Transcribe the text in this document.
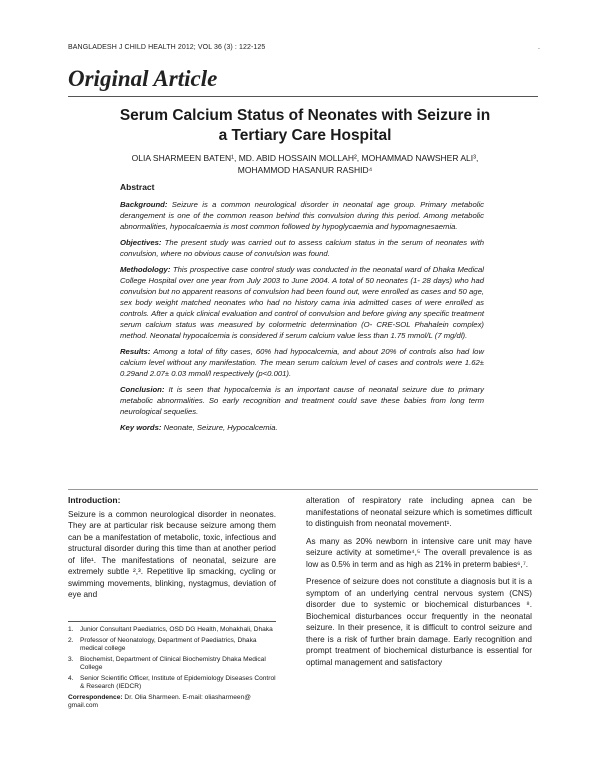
BANGLADESH J CHILD HEALTH 2012; VOL 36 (3) : 122-125	.
Original Article
Serum Calcium Status of Neonates with Seizure in
a Tertiary Care Hospital
OLIA SHARMEEN BATEN¹, MD. ABID HOSSAIN MOLLAH², MOHAMMAD NAWSHER ALI³,
MOHAMMOD HASANUR RASHID⁴
Abstract

Background: Seizure is a common neurological disorder in neonatal age group. Primary metabolic derangement is one of the common reason behind this convulsion during this period. Among metabolic abnormalities, hypocalcaemia is most common followed by hypoglycaemia and hypomagnesaemia.

Objectives: The present study was carried out to assess calcium status in the serum of neonates with convulsion, where no obvious cause of convulsion was found.

Methodology: This prospective case control study was conducted in the neonatal ward of Dhaka Medical College Hospital over one year from July 2003 to June 2004. A total of 50 neonates (1- 28 days) who had convulsion but no apparent reasons of convulsion had been found out, were enrolled as cases and 50 age, sex body weight matched neonates who had no history cama inia admitted cases of were enrolled as controls. After a quick clinical evaluation and control of convulsion and before giving any specific treatment serum calcium status was measured by colormetric determination (O- CRE-SOL Phahalein complex) method. Neonatal hypocalcemia is considered if serum calcium value less than 1.75 mmol/L (7 mg/dl).

Results: Among a total of fifty cases, 60% had hypocalcemia, and about 20% of controls also had low calcium level without any manifestation. The mean serum calcium level of cases and controls were 1.62± 0.29and 2.07± 0.03 mmol/l respectively (p<0.001).

Conclusion: It is seen that hypocalcemia is an important cause of neonatal seizure due to primary metabolic abnormalities. So early recognition and treatment could save these babies from long term neurological sequelies.

Key words: Neonate, Seizure, Hypocalcemia.

Introduction:

Seizure is a common neurological disorder in neonates. They are at particular risk because seizure among them can be a manifestation of metabolic, toxic, infectious and structural disorder during this time than at another period of life¹. The manifestations of neonatal, seizure are extremely subtle ²,³. Repetitive lip smacking, cycling or swimming movements, blinking, nystagmus, deviation of eye and

1. Junior Consultant Paediatrics, OSD DG Health, Mohakhali, Dhaka
2. Professor of Neonatology, Department of Paediatrics, Dhaka medical college
3. Biochemist, Department of Clinical Biochemistry Dhaka Medical College
4. Senior Scientific Officer, Institute of Epidemiology Diseases Control & Research (IEDCR)
Correspondence: Dr. Olia Sharmeen. E-mail: oliasharmeen@ gmail.com

alteration of respiratory rate including apnea can be manifestations of neonatal seizure which is sometimes difficult to distinguish from neonatal movement¹.

As many as 20% newborn in intensive care unit may have seizure activity at sometime⁴,⁵ The overall prevalence is as low as 0.5% in term and as high as 21% in preterm babies⁶,⁷.

Presence of seizure does not constitute a diagnosis but it is a symptom of an underlying central nervous system (CNS) disorder due to systemic or biochemical disturbances ⁸. Biochemical disturbances occur frequently in the neonatal seizure. In their presence, it is difficult to control seizure and there is a risk of further brain damage. Early recognition and prompt treatment of biochemical disturbance is essential for optimal management and satisfactory
